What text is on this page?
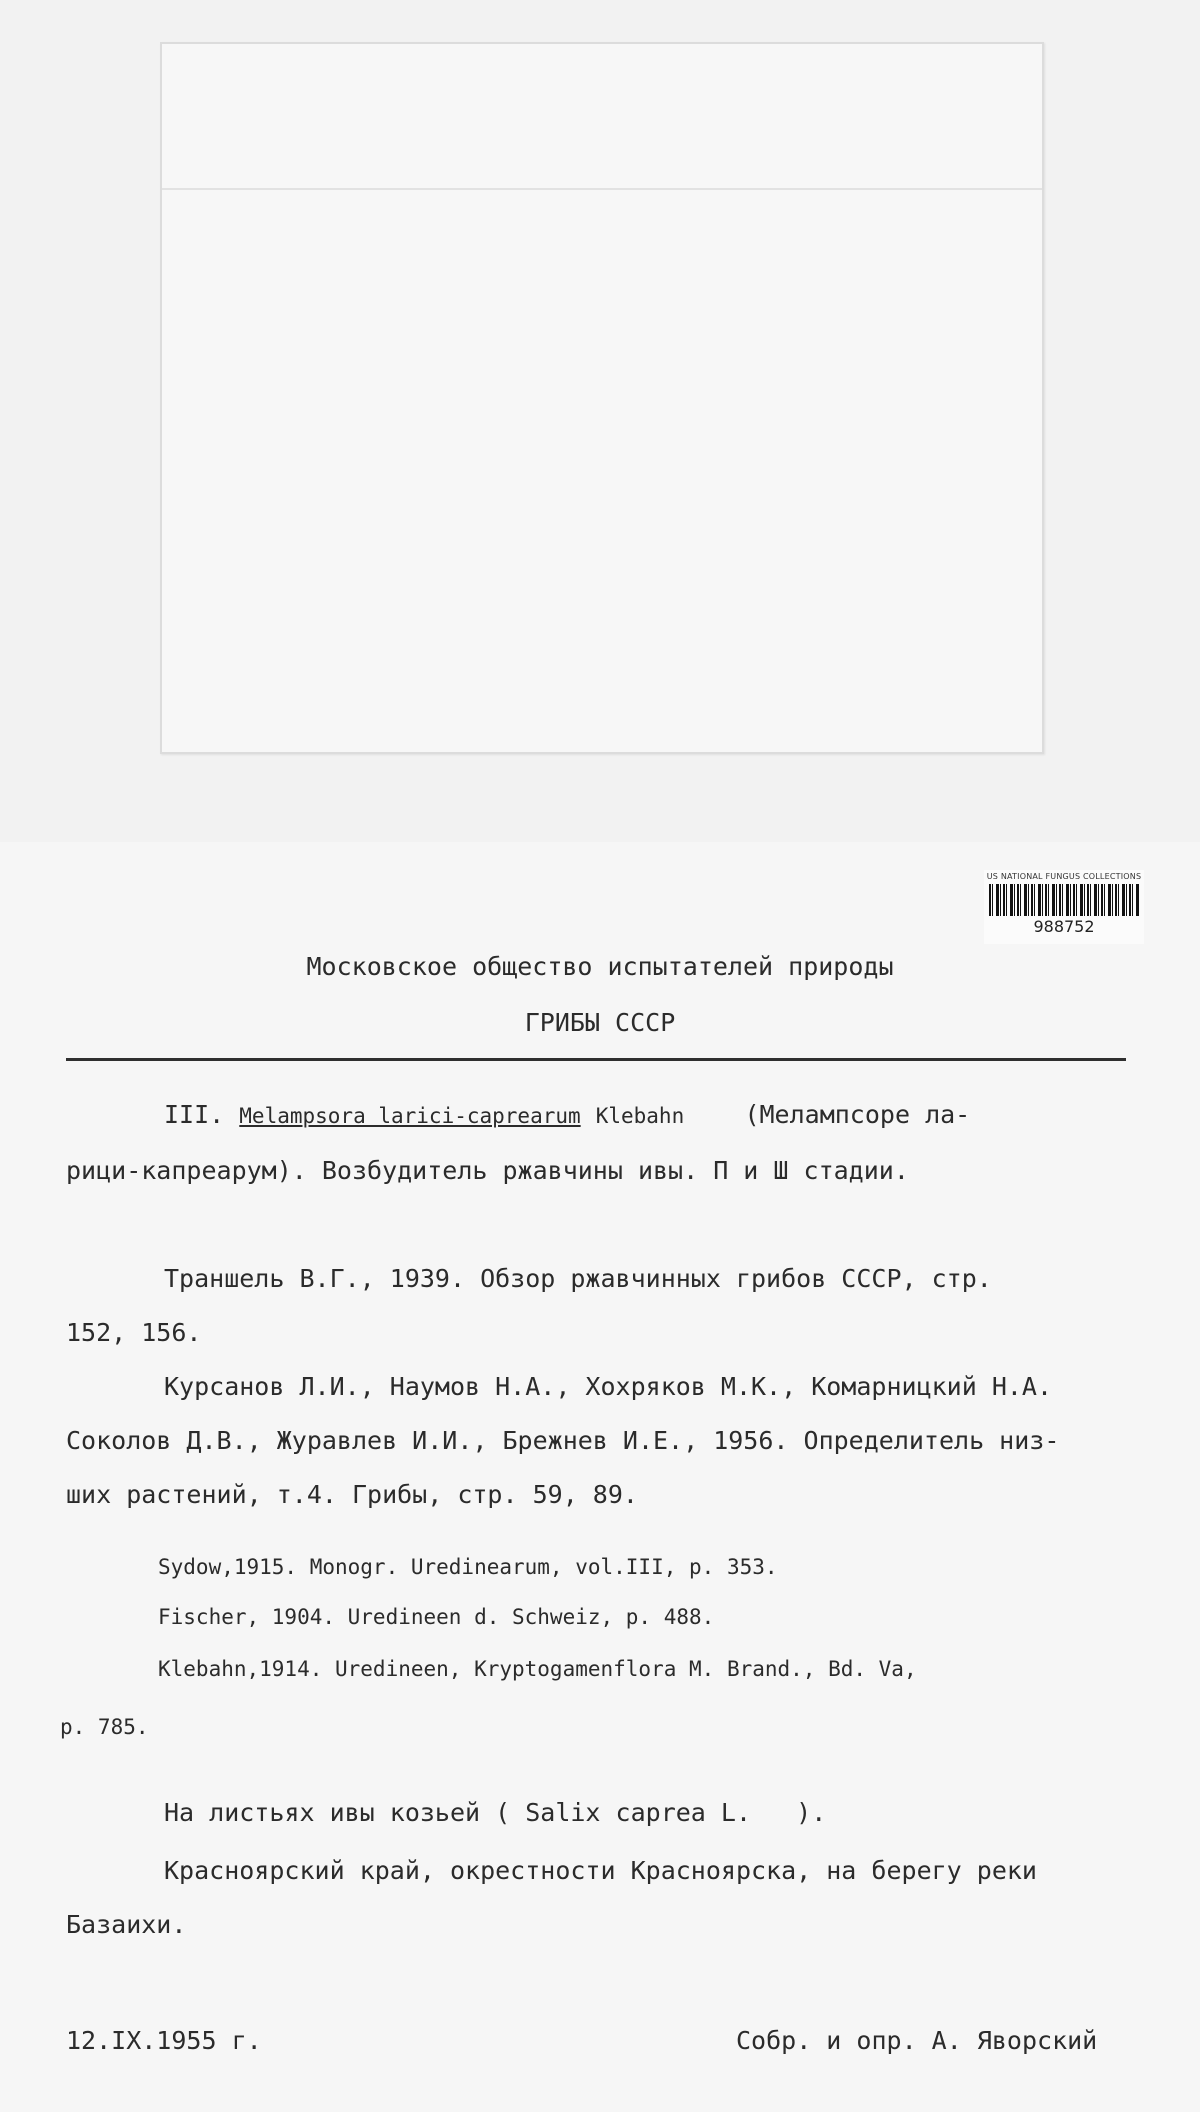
US NATIONAL FUNGUS COLLECTIONS
988752
Московское общество испытателей природы
ГРИБЫ СССР
III. Melampsora larici-caprearum Klebahn (Мелампсоре ла-
рици-капреарум). Возбудитель ржавчины ивы. П и Ш стадии.
Траншель В.Г., 1939. Обзор ржавчинных грибов СССР, стр.
152, 156.
Курсанов Л.И., Наумов Н.А., Хохряков М.К., Комарницкий Н.А.
Соколов Д.В., Журавлев И.И., Брежнев И.Е., 1956. Определитель низ-
ших растений, т.4. Грибы, стр. 59, 89.
Sydow,1915. Monogr. Uredinearum, vol.III, p. 353.
Fischer, 1904. Uredineen d. Schweiz, p. 488.
Klebahn,1914. Uredineen, Kryptogamenflora M. Brand., Bd. Va,
p. 785.
На листьях ивы козьей ( Salix caprea L.   ).
Красноярский край, окрестности Красноярска, на берегу реки
Базаихи.
12.IX.1955 г.	Собр. и опр. А. Яворский
